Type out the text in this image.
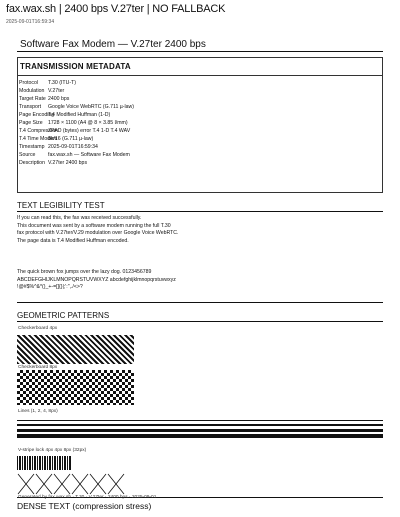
fax.wax.sh | 2400 bps V.27ter | NO FALLBACK
2025-09-01T16:59:34
Software Fax Modem — V.27ter 2400 bps
TRANSMISSION METADATA
Protocol T.30 (ITU-T)
Modulation V.27ter
Target Rate 2400 bps
Transport Google Voice WebRTC (G.711 µ-law)
Page EncodingT.4 Modified Huffman (1-D)
Page Size 1728 × 1100 (A4 @ 8 × 3.85 l/mm)
T.4 CompressionZPAD (bytes) error T.4 1-D T.4 WAV
T.4 Time Modem8k/16 (G.711 µ-law)
Timestamp 2025-09-01T16:59:34
Source fax.wax.sh — Software Fax Modem
Description V.27ter 2400 bps
TEXT LEGIBILITY TEST
If you can read this, the fax was received successfully.
This document was sent by a software modem running the full T.30
fax protocol with V.27ter/V.29 modulation over Google Voice WebRTC.
The page data is T.4 Modified Huffman encoded.
The quick brown fox jumps over the lazy dog. 0123456789
ABCDEFGHIJKLMNOPQRSTUVWXYZ abcdefghijklmnopqrstuvwxyz
!@#$%^&*()_+-=[]{}|;':",./<>?
GEOMETRIC PATTERNS
Checkerboard 4px
Checkerboard 8px
Lines (1, 2, 4, 8px)
V-stripe lock 4px 4px 8px (32px)
Generated by fax.wax.sh · T.30 · V.27ter · 2400 bps · 2025-09-01
DENSE TEXT (compression stress)
